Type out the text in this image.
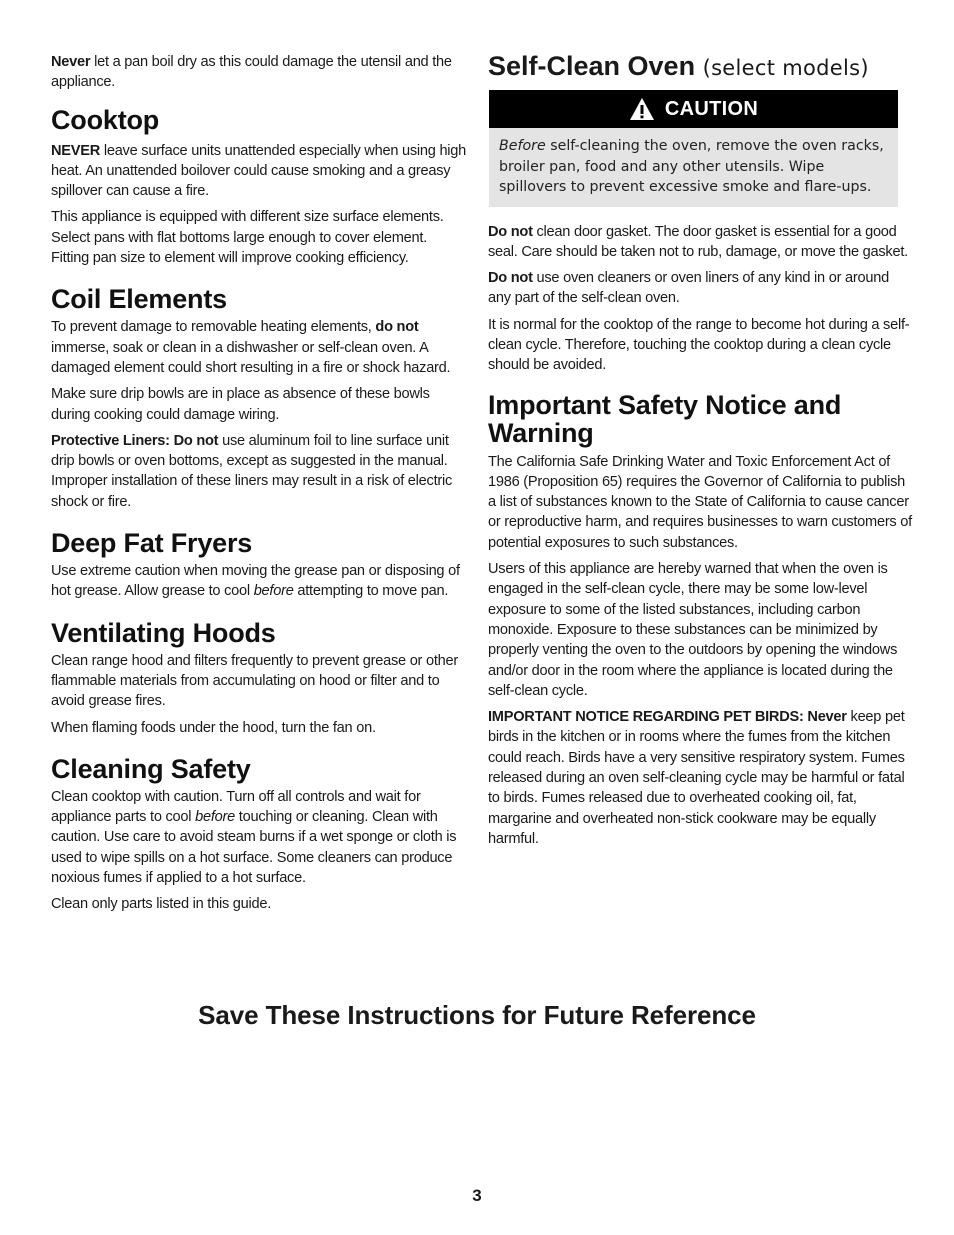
Never let a pan boil dry as this could damage the utensil and the appliance.

Cooktop

NEVER leave surface units unattended especially when using high heat. An unattended boilover could cause smoking and a greasy spillover can cause a fire.

This appliance is equipped with different size surface elements. Select pans with flat bottoms large enough to cover element. Fitting pan size to element will improve cooking efficiency.

Coil Elements

To prevent damage to removable heating elements, do not immerse, soak or clean in a dishwasher or self-clean oven. A damaged element could short resulting in a fire or shock hazard.

Make sure drip bowls are in place as absence of these bowls during cooking could damage wiring.

Protective Liners: Do not use aluminum foil to line surface unit drip bowls or oven bottoms, except as suggested in the manual. Improper installation of these liners may result in a risk of electric shock or fire.

Deep Fat Fryers

Use extreme caution when moving the grease pan or disposing of hot grease. Allow grease to cool before attempting to move pan.

Ventilating Hoods

Clean range hood and filters frequently to prevent grease or other flammable materials from accumulating on hood or filter and to avoid grease fires.

When flaming foods under the hood, turn the fan on.

Cleaning Safety

Clean cooktop with caution. Turn off all controls and wait for appliance parts to cool before touching or cleaning. Clean with caution. Use care to avoid steam burns if a wet sponge or cloth is used to wipe spills on a hot surface. Some cleaners can produce noxious fumes if applied to a hot surface.

Clean only parts listed in this guide.

Self-Clean Oven (select models)
CAUTION
Before self-cleaning the oven, remove the oven racks, broiler pan, food and any other utensils. Wipe spillovers to prevent excessive smoke and flare-ups.

Do not clean door gasket. The door gasket is essential for a good seal. Care should be taken not to rub, damage, or move the gasket.

Do not use oven cleaners or oven liners of any kind in or around any part of the self-clean oven.

It is normal for the cooktop of the range to become hot during a self-clean cycle. Therefore, touching the cooktop during a clean cycle should be avoided.

Important Safety Notice and Warning

The California Safe Drinking Water and Toxic Enforcement Act of 1986 (Proposition 65) requires the Governor of California to publish a list of substances known to the State of California to cause cancer or reproductive harm, and requires businesses to warn customers of potential exposures to such substances.

Users of this appliance are hereby warned that when the oven is engaged in the self-clean cycle, there may be some low-level exposure to some of the listed substances, including carbon monoxide. Exposure to these substances can be minimized by properly venting the oven to the outdoors by opening the windows and/or door in the room where the appliance is located during the self-clean cycle.

IMPORTANT NOTICE REGARDING PET BIRDS: Never keep pet birds in the kitchen or in rooms where the fumes from the kitchen could reach. Birds have a very sensitive respiratory system. Fumes released during an oven self-cleaning cycle may be harmful or fatal to birds. Fumes released due to overheated cooking oil, fat, margarine and overheated non-stick cookware may be equally harmful.

Save These Instructions for Future Reference
3
